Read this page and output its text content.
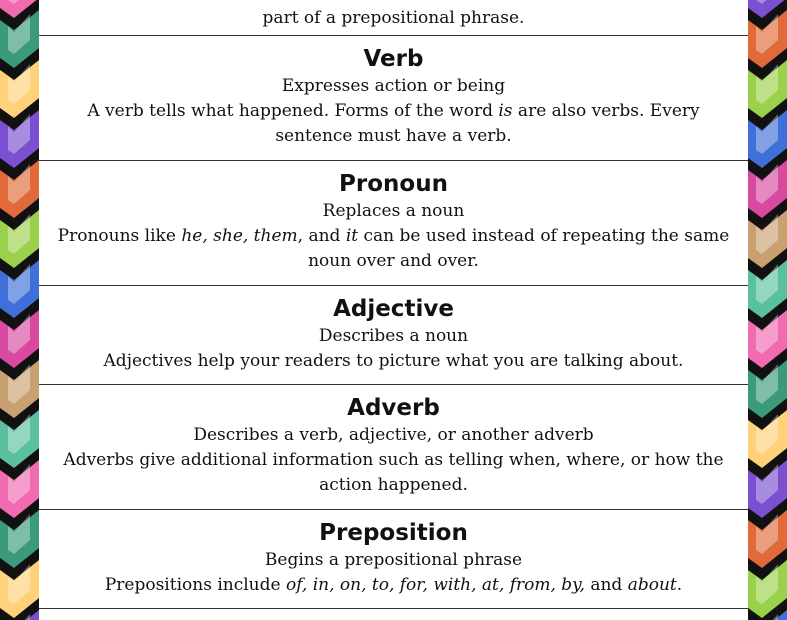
part of a prepositional phrase.
Verb
Expresses action or being
A verb tells what happened. Forms of the word is are also verbs. Every
sentence must have a verb.
Pronoun
Replaces a noun
Pronouns like he, she, them, and it can be used instead of repeating the same
noun over and over.
Adjective
Describes a noun
Adjectives help your readers to picture what you are talking about.
Adverb
Describes a verb, adjective, or another adverb
Adverbs give additional information such as telling when, where, or how the
action happened.
Preposition
Begins a prepositional phrase
Prepositions include of, in, on, to, for, with, at, from, by, and about.
